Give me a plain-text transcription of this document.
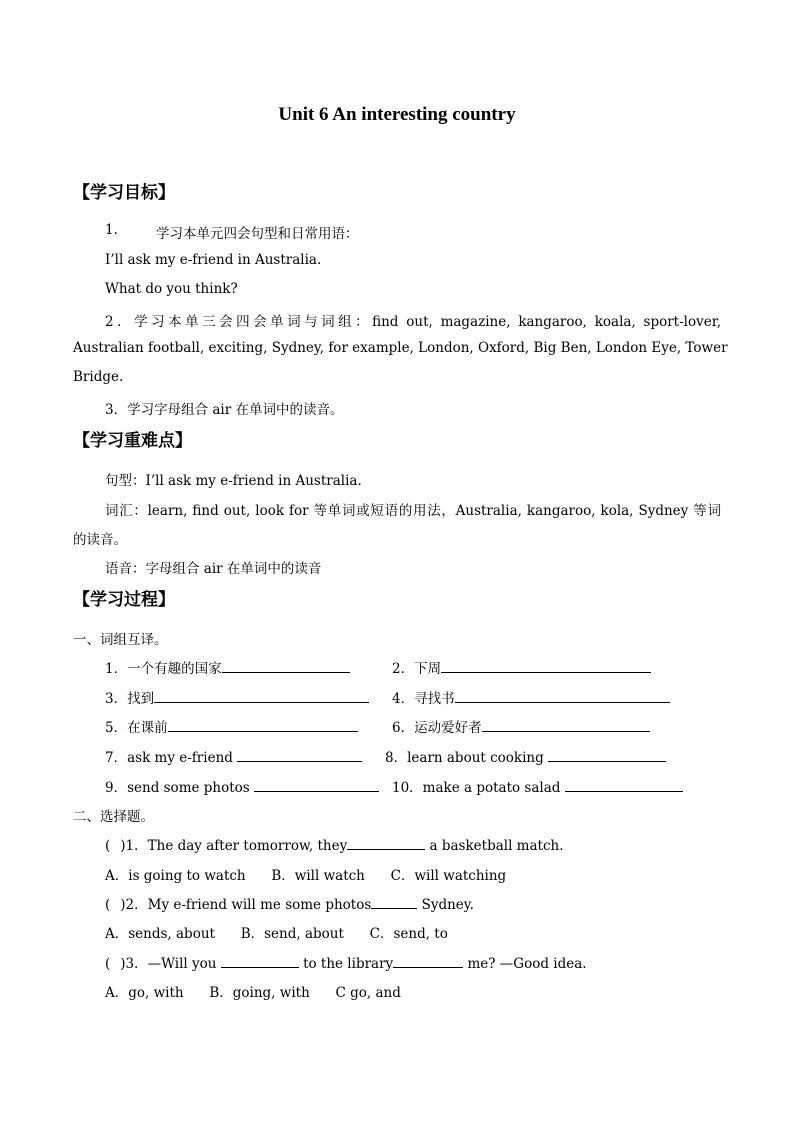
Unit 6 An interesting country
【学习目标】
1.	学习本单元四会句型和日常用语：
I’ll ask my e-friend in Australia.
What do you think?
2．学习本单三会四会单词与词组：find out, magazine, kangaroo, koala, sport-lover,
Australian football, exciting, Sydney, for example, London, Oxford, Big Ben, London Eye, Tower
Bridge.
3．学习字母组合 air 在单词中的读音。
【学习重难点】
句型：I’ll ask my e-friend in Australia.
词汇：learn, find out, look for 等单词或短语的用法，Australia, kangaroo, kola, Sydney 等词
的读音。
语音：字母组合 air 在单词中的读音
【学习过程】
一、词组互译。
1．一个有趣的国家	2．下周
3．找到	4．寻找书
5．在课前	6．运动爱好者
7．ask my e-friend	8．learn about cooking
9．send some photos	10．make a potato salad
二、选择题。
( )1．The day after tomorrow, they	a basketball match.
A．is going to watch      B．will watch      C．will watching
( )2．My e-friend will me some photos	Sydney.
A．sends, about      B．send, about      C．send, to
( )3．—Will you	to the library	me? —Good idea.
A．go, with      B．going, with      C go, and
